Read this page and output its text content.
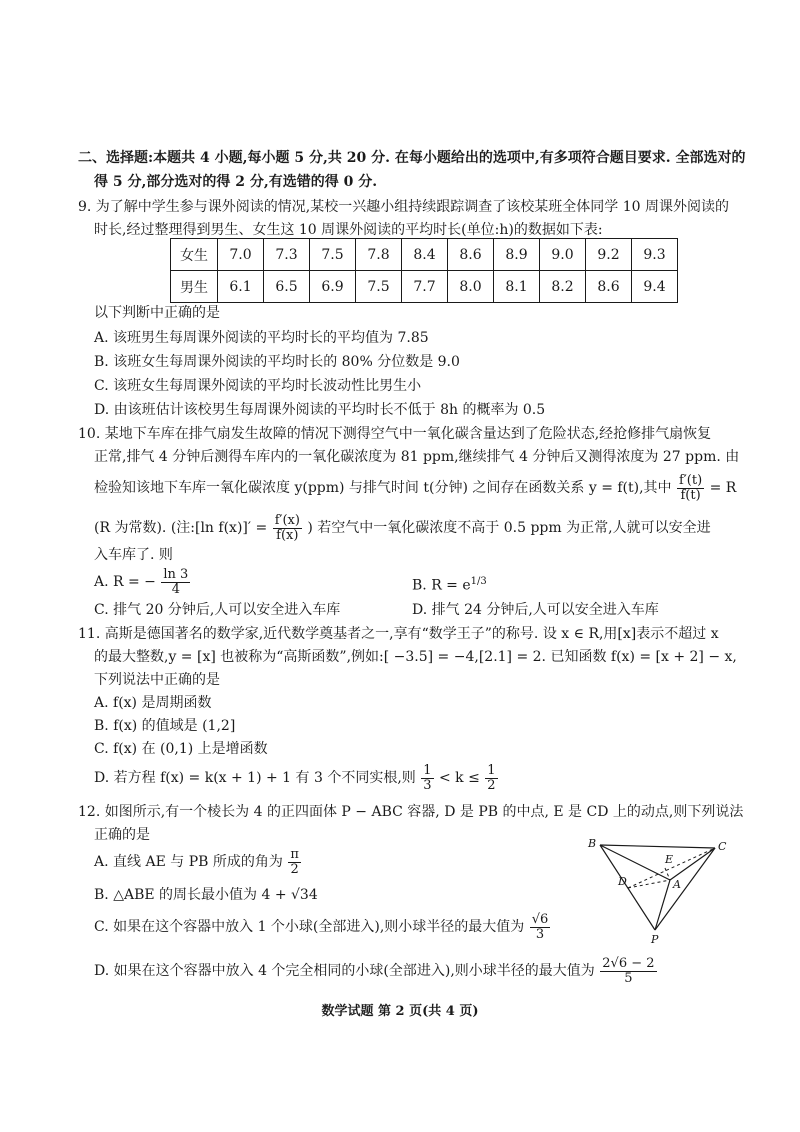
二、选择题:本题共 4 小题,每小题 5 分,共 20 分. 在每小题给出的选项中,有多项符合题目要求. 全部选对的
得 5 分,部分选对的得 2 分,有选错的得 0 分.
9. 为了解中学生参与课外阅读的情况,某校一兴趣小组持续跟踪调查了该校某班全体同学 10 周课外阅读的
时长,经过整理得到男生、女生这 10 周课外阅读的平均时长(单位:h)的数据如下表:
女生	7.0	7.3	7.5	7.8	8.4	8.6	8.9	9.0	9.2	9.3
男生	6.1	6.5	6.9	7.5	7.7	8.0	8.1	8.2	8.6	9.4
以下判断中正确的是
A. 该班男生每周课外阅读的平均时长的平均值为 7.85
B. 该班女生每周课外阅读的平均时长的 80% 分位数是 9.0
C. 该班女生每周课外阅读的平均时长波动性比男生小
D. 由该班估计该校男生每周课外阅读的平均时长不低于 8h 的概率为 0.5
10. 某地下车库在排气扇发生故障的情况下测得空气中一氧化碳含量达到了危险状态,经抢修排气扇恢复
正常,排气 4 分钟后测得车库内的一氧化碳浓度为 81 ppm,继续排气 4 分钟后又测得浓度为 27 ppm. 由
检验知该地下车库一氧化碳浓度 y(ppm) 与排气时间 t(分钟) 之间存在函数关系 y = f(t),其中 $\frac{f'(t)}{f(t)} = R$
(R 为常数). (注:[ln $f(x)]' = \frac{f'(x)}{f(x)}$ ) 若空气中一氧化碳浓度不高于 0.5 ppm 为正常,人就可以安全进
入车库了. 则
A. R = − $\frac{\ln 3}{4}$	B. $R = e^{1/3}$
C. 排气 20 分钟后,人可以安全进入车库	D. 排气 24 分钟后,人可以安全进入车库
11. 高斯是德国著名的数学家,近代数学奠基者之一,享有“数学王子”的称号. 设 x ∈ R,用[x]表示不超过 x
的最大整数,y = [x] 也被称为“高斯函数”,例如:[ −3.5] = −4,[2.1] = 2. 已知函数 f(x) = [x + 2] − x,
下列说法中正确的是
A. f(x) 是周期函数
B. f(x) 的值域是 (1,2]
C. f(x) 在 (0,1) 上是增函数
D. 若方程 f(x) = k(x + 1) + 1 有 3 个不同实根,则 $\frac{1}{3} < k \le \frac{1}{2}$
12. 如图所示,有一个棱长为 4 的正四面体 P − ABC 容器, D 是 PB 的中点, E 是 CD 上的动点,则下列说法
正确的是
A. 直线 AE 与 PB 所成的角为 $\frac{\pi}{2}$
B. △ABE 的周长最小值为 4 + √34
C. 如果在这个容器中放入 1 个小球(全部进入),则小球半径的最大值为 $\frac{√6}{3}$
D. 如果在这个容器中放入 4 个完全相同的小球(全部进入),则小球半径的最大值为 $\frac{2√6 - 2}{5}$
B	C
E
D	A
P
数学试题 第 2 页(共 4 页)
